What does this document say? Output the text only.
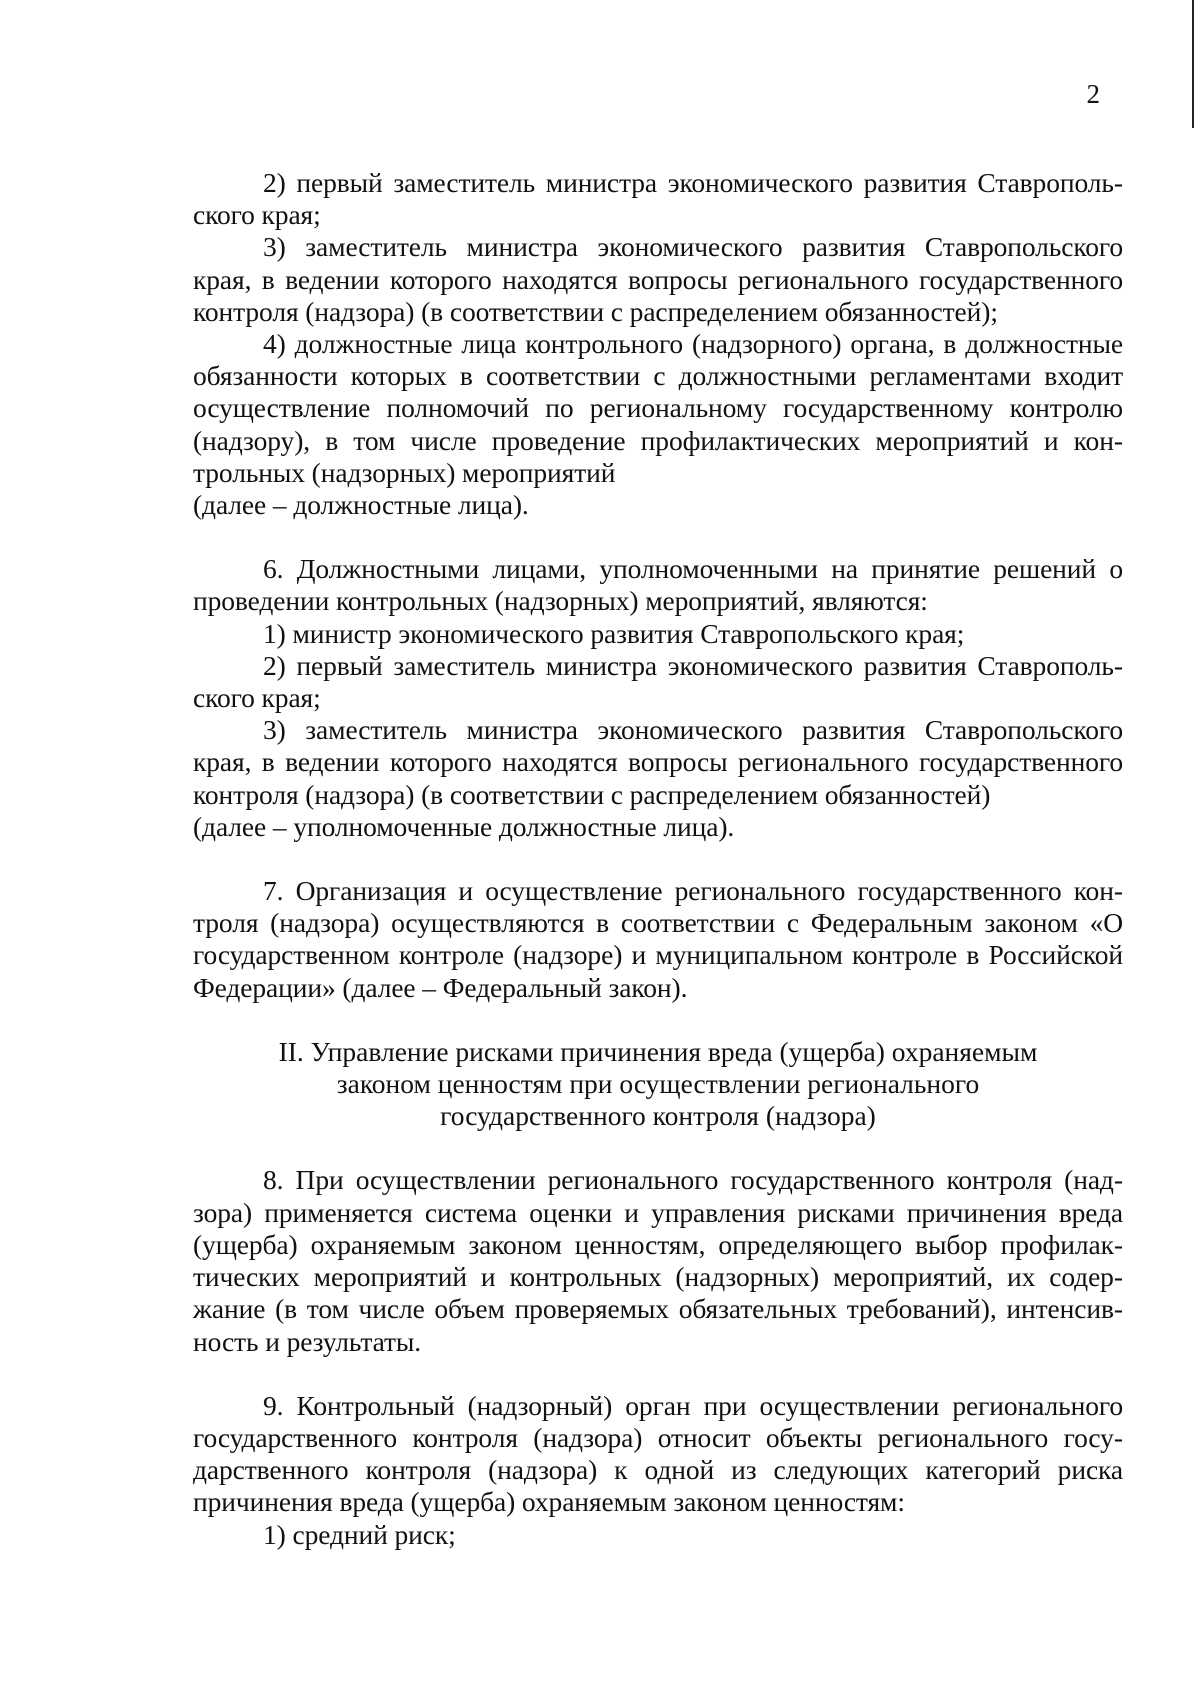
2

2) первый заместитель министра экономического развития Ставропольского края;

3) заместитель министра экономического развития Ставропольского края, в ведении которого находятся вопросы регионального государственного контроля (надзора) (в соответствии с распределением обязанностей);

4) должностные лица контрольного (надзорного) органа, в должностные обязанности которых в соответствии с должностными регламентами входит осуществление полномочий по региональному государственному контролю (надзору), в том числе проведение профилактических мероприятий и контрольных (надзорных) мероприятий

(далее – должностные лица).

6. Должностными лицами, уполномоченными на принятие решений о проведении контрольных (надзорных) мероприятий, являются:

1) министр экономического развития Ставропольского края;

2) первый заместитель министра экономического развития Ставропольского края;

3) заместитель министра экономического развития Ставропольского края, в ведении которого находятся вопросы регионального государственного контроля (надзора) (в соответствии с распределением обязанностей)

(далее – уполномоченные должностные лица).

7. Организация и осуществление регионального государственного контроля (надзора) осуществляются в соответствии с Федеральным законом «О государственном контроле (надзоре) и муниципальном контроле в Российской Федерации» (далее – Федеральный закон).

II. Управление рисками причинения вреда (ущерба) охраняемым
законом ценностям при осуществлении регионального
государственного контроля (надзора)

8. При осуществлении регионального государственного контроля (надзора) применяется система оценки и управления рисками причинения вреда (ущерба) охраняемым законом ценностям, определяющего выбор профилактических мероприятий и контрольных (надзорных) мероприятий, их содержание (в том числе объем проверяемых обязательных требований), интенсивность и результаты.

9. Контрольный (надзорный) орган при осуществлении регионального государственного контроля (надзора) относит объекты регионального государственного контроля (надзора) к одной из следующих категорий риска причинения вреда (ущерба) охраняемым законом ценностям:

1) средний риск;
